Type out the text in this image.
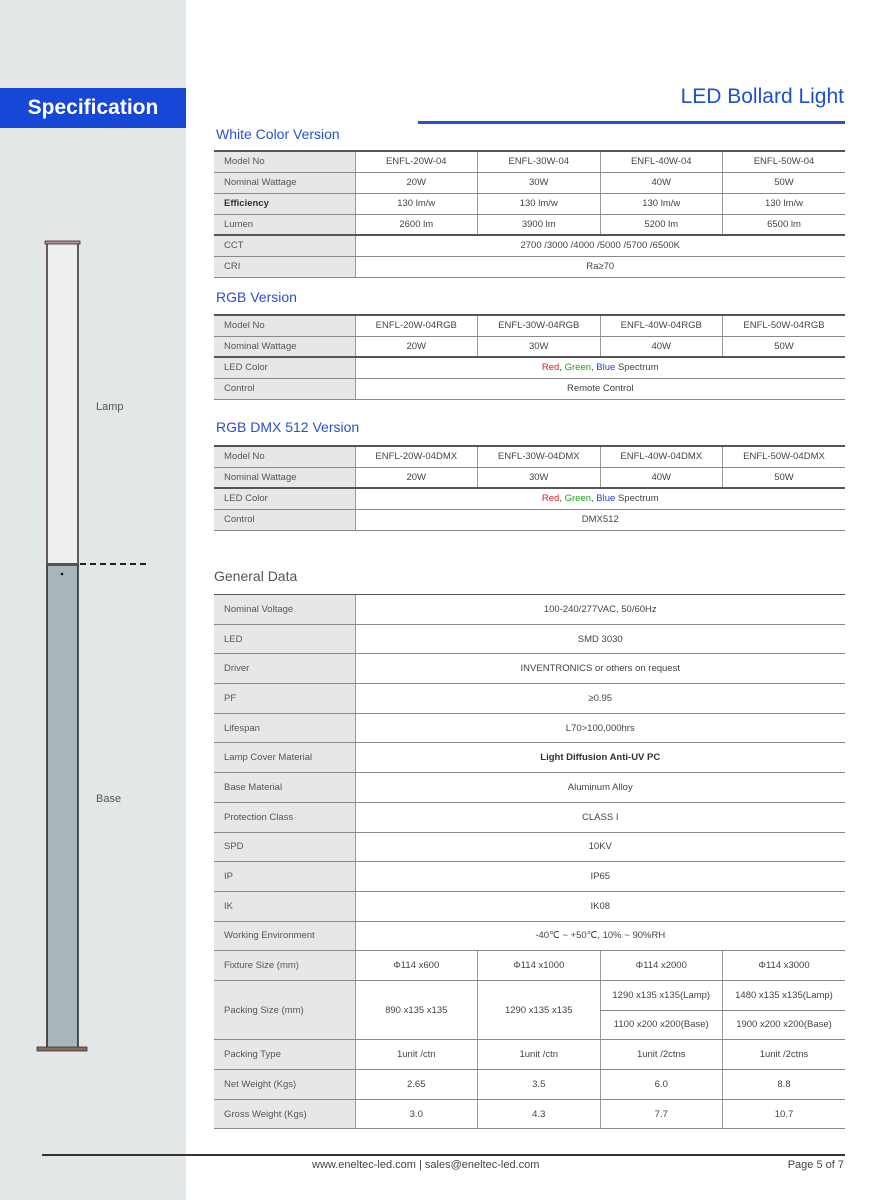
Specification	LED Bollard Light
Lamp
Base
White Color Version
Model No	ENFL-20W-04	ENFL-30W-04	ENFL-40W-04	ENFL-50W-04
Nominal Wattage	20W	30W	40W	50W
Efficiency	130 lm/w	130 lm/w	130 lm/w	130 lm/w
Lumen	2600 lm	3900 lm	5200 lm	6500 lm
CCT	2700 /3000 /4000 /5000 /5700 /6500K			
CRI	Ra≥70			
RGB Version
Model No	ENFL-20W-04RGB	ENFL-30W-04RGB	ENFL-40W-04RGB	ENFL-50W-04RGB
Nominal Wattage	20W	30W	40W	50W
LED Color	Red, Green, Blue Spectrum			
Control	Remote Control			
RGB DMX 512 Version
Model No	ENFL-20W-04DMX	ENFL-30W-04DMX	ENFL-40W-04DMX	ENFL-50W-04DMX
Nominal Wattage	20W	30W	40W	50W
LED Color	Red, Green, Blue Spectrum			
Control	DMX512			
General Data
Nominal Voltage	100-240/277VAC, 50/60Hz			
LED	SMD 3030			
Driver	INVENTRONICS or others on request			
PF	≥0.95			
Lifespan	L70>100,000hrs			
Lamp Cover Material	Light Diffusion Anti-UV PC			
Base Material	Aluminum Alloy			
Protection Class	CLASS I			
SPD	10KV			
IP	IP65			
IK	IK08			
Working Environment	-40℃ ~ +50℃, 10% ~ 90%RH			
Fixture Size (mm)	Φ114 x600	Φ114 x1000	Φ114 x2000	Φ114 x3000
Packing Size (mm)	890 x135 x135	1290 x135 x135	1290 x135 x135(Lamp)	1480 x135 x135(Lamp)
			1100 x200 x200(Base)	1900 x200 x200(Base)
Packing Type	1unit /ctn	1unit /ctn	1unit /2ctns	1unit /2ctns
Net Weight (Kgs)	2.65	3.5	6.0	8.8
Gross Weight (Kgs)	3.0	4.3	7.7	10.7
www.eneltec-led.com | sales@eneltec-led.com	Page 5 of 7
